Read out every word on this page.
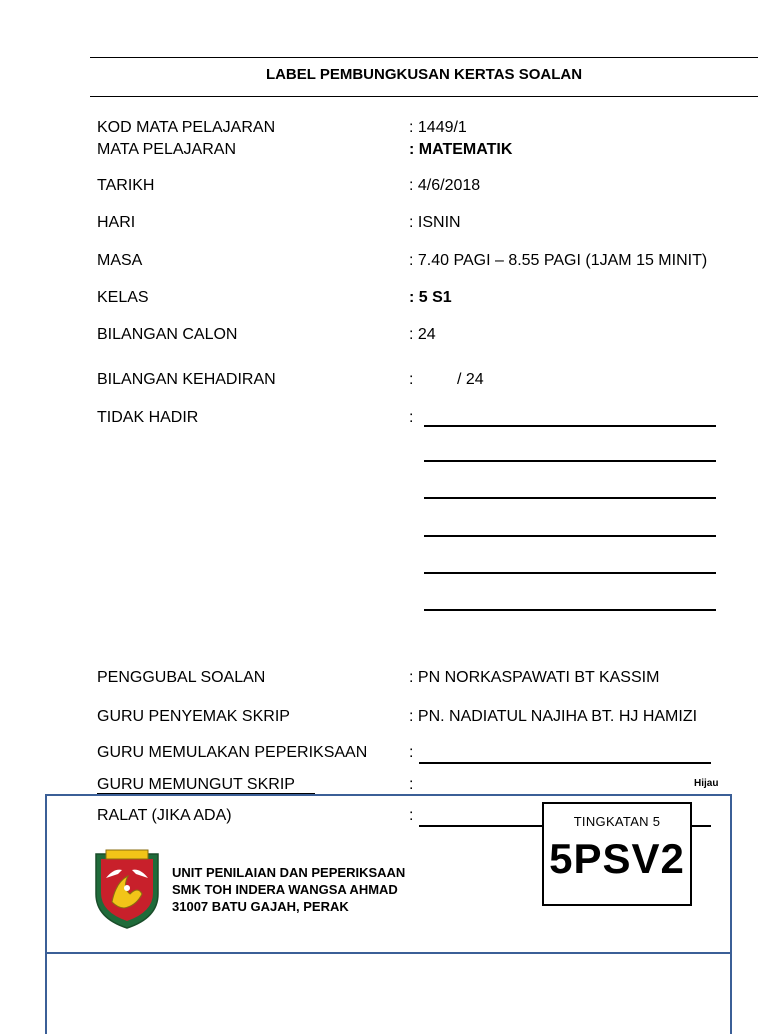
LABEL PEMBUNGKUSAN KERTAS SOALAN
KOD MATA PELAJARAN	: 1449/1
MATA PELAJARAN	: MATEMATIK
TARIKH	: 4/6/2018
HARI	: ISNIN
MASA	: 7.40 PAGI – 8.55 PAGI (1JAM 15 MINIT)
KELAS	: 5 S1
BILANGAN CALON	: 24
BILANGAN KEHADIRAN	:	/ 24
TIDAK HADIR	:
PENGGUBAL SOALAN	: PN NORKASPAWATI BT KASSIM
GURU PENYEMAK SKRIP	: PN. NADIATUL NAJIHA BT. HJ HAMIZI
GURU MEMULAKAN PEPERIKSAAN	:
GURU MEMUNGUT SKRIP	:	Hijau
RALAT (JIKA ADA)	:	TINGKATAN 5
5PSV2
UNIT PENILAIAN DAN PEPERIKSAAN
SMK TOH INDERA WANGSA AHMAD
31007 BATU GAJAH, PERAK
